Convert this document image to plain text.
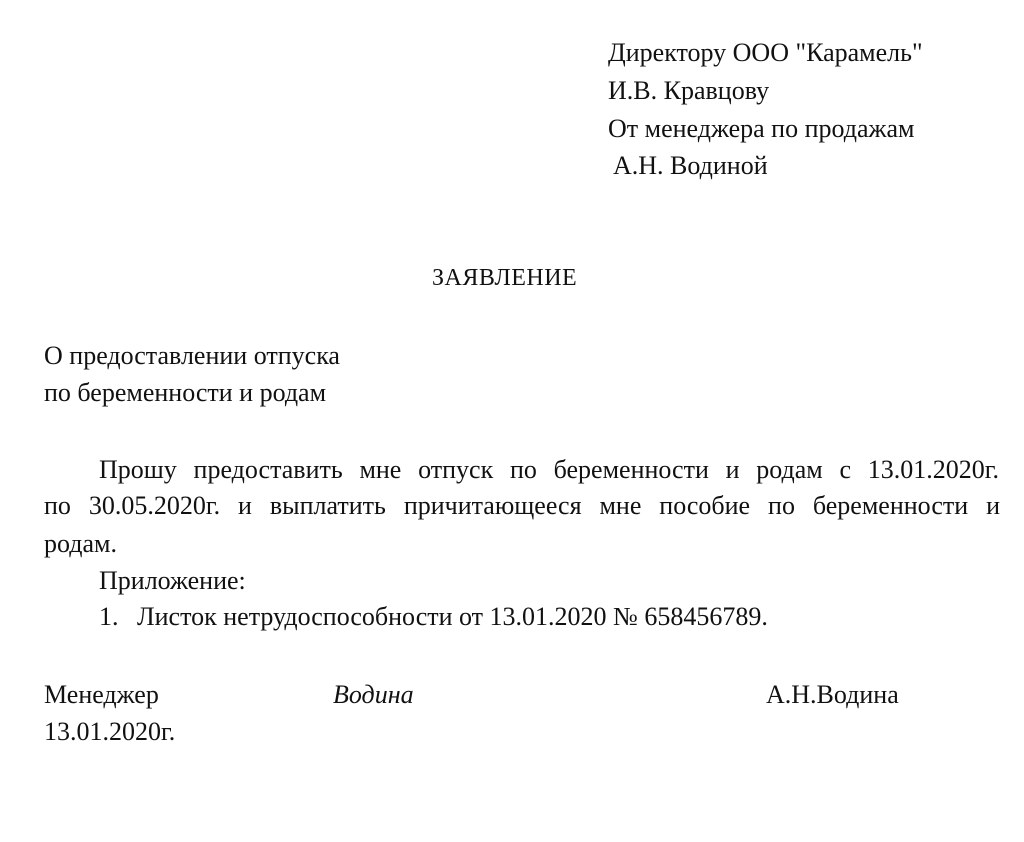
Директору ООО "Карамель"
И.В. Кравцову
От менеджера по продажам
А.Н. Водиной
ЗАЯВЛЕНИЕ
О предоставлении отпуска
по беременности и родам
Прошу предоставить мне отпуск по беременности и родам с 13.01.2020г.
по 30.05.2020г. и выплатить причитающееся мне пособие по беременности и
родам.
Приложение:
1. Листок нетрудоспособности от 13.01.2020 № 658456789.
Менеджер	Водина	А.Н.Водина
13.01.2020г.
